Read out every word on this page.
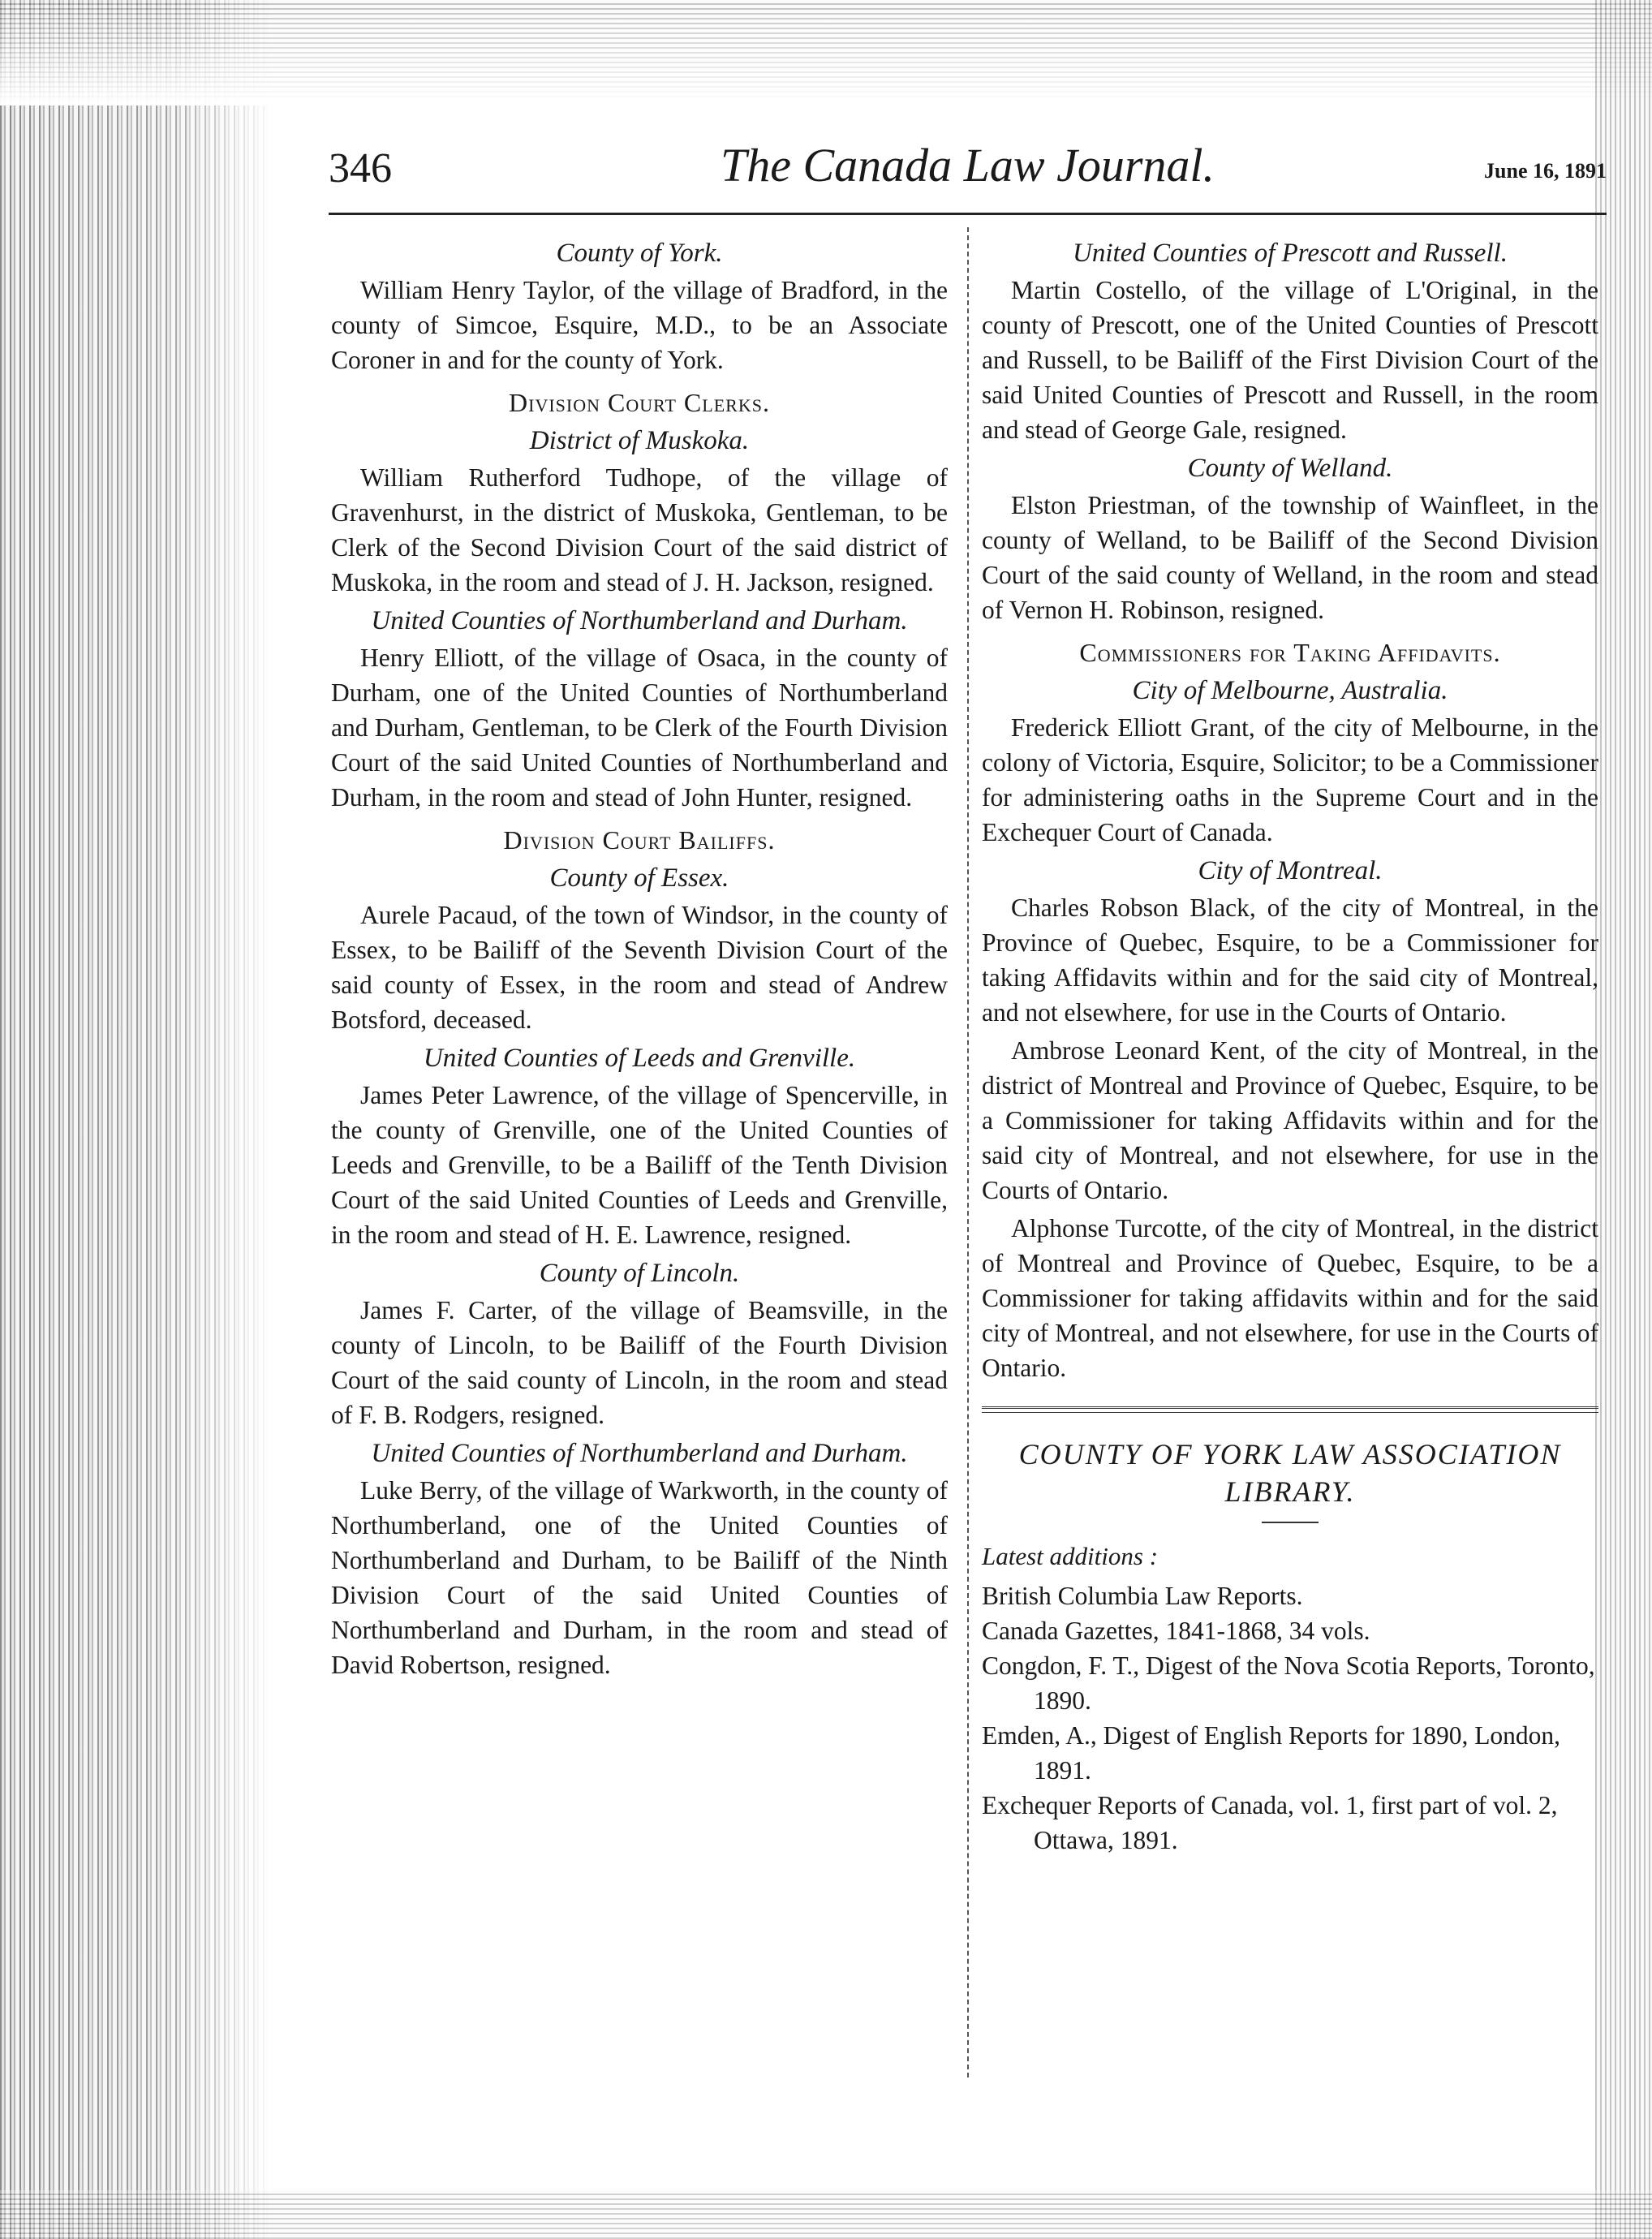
346	The Canada Law Journal.	June 16, 1891
County of York.
William Henry Taylor, of the village of Bradford, in the county of Simcoe, Esquire, M.D., to be an Associate Coroner in and for the county of York.
Division Court Clerks.
District of Muskoka.
William Rutherford Tudhope, of the village of Gravenhurst, in the district of Muskoka, Gentleman, to be Clerk of the Second Division Court of the said district of Muskoka, in the room and stead of J. H. Jackson, resigned.
United Counties of Northumberland and Durham.
Henry Elliott, of the village of Osaca, in the county of Durham, one of the United Counties of Northumberland and Durham, Gentleman, to be Clerk of the Fourth Division Court of the said United Counties of Northumberland and Durham, in the room and stead of John Hunter, resigned.
Division Court Bailiffs.
County of Essex.
Aurele Pacaud, of the town of Windsor, in the county of Essex, to be Bailiff of the Seventh Division Court of the said county of Essex, in the room and stead of Andrew Botsford, deceased.
United Counties of Leeds and Grenville.
James Peter Lawrence, of the village of Spencerville, in the county of Grenville, one of the United Counties of Leeds and Grenville, to be a Bailiff of the Tenth Division Court of the said United Counties of Leeds and Grenville, in the room and stead of H. E. Lawrence, resigned.
County of Lincoln.
James F. Carter, of the village of Beamsville, in the county of Lincoln, to be Bailiff of the Fourth Division Court of the said county of Lincoln, in the room and stead of F. B. Rodgers, resigned.
United Counties of Northumberland and Durham.
Luke Berry, of the village of Warkworth, in the county of Northumberland, one of the United Counties of Northumberland and Durham, to be Bailiff of the Ninth Division Court of the said United Counties of Northumberland and Durham, in the room and stead of David Robertson, resigned.
United Counties of Prescott and Russell.
Martin Costello, of the village of L'Original, in the county of Prescott, one of the United Counties of Prescott and Russell, to be Bailiff of the First Division Court of the said United Counties of Prescott and Russell, in the room and stead of George Gale, resigned.
County of Welland.
Elston Priestman, of the township of Wainfleet, in the county of Welland, to be Bailiff of the Second Division Court of the said county of Welland, in the room and stead of Vernon H. Robinson, resigned.
Commissioners for Taking Affidavits.
City of Melbourne, Australia.
Frederick Elliott Grant, of the city of Melbourne, in the colony of Victoria, Esquire, Solicitor; to be a Commissioner for administering oaths in the Supreme Court and in the Exchequer Court of Canada.
City of Montreal.
Charles Robson Black, of the city of Montreal, in the Province of Quebec, Esquire, to be a Commissioner for taking Affidavits within and for the said city of Montreal, and not elsewhere, for use in the Courts of Ontario.
Ambrose Leonard Kent, of the city of Montreal, in the district of Montreal and Province of Quebec, Esquire, to be a Commissioner for taking Affidavits within and for the said city of Montreal, and not elsewhere, for use in the Courts of Ontario.
Alphonse Turcotte, of the city of Montreal, in the district of Montreal and Province of Quebec, Esquire, to be a Commissioner for taking affidavits within and for the said city of Montreal, and not elsewhere, for use in the Courts of Ontario.
COUNTY OF YORK LAW ASSOCIATION LIBRARY.
Latest additions :
British Columbia Law Reports.
Canada Gazettes, 1841-1868, 34 vols.
Congdon, F. T., Digest of the Nova Scotia Reports, Toronto, 1890.
Emden, A., Digest of English Reports for 1890, London, 1891.
Exchequer Reports of Canada, vol. 1, first part of vol. 2, Ottawa, 1891.
